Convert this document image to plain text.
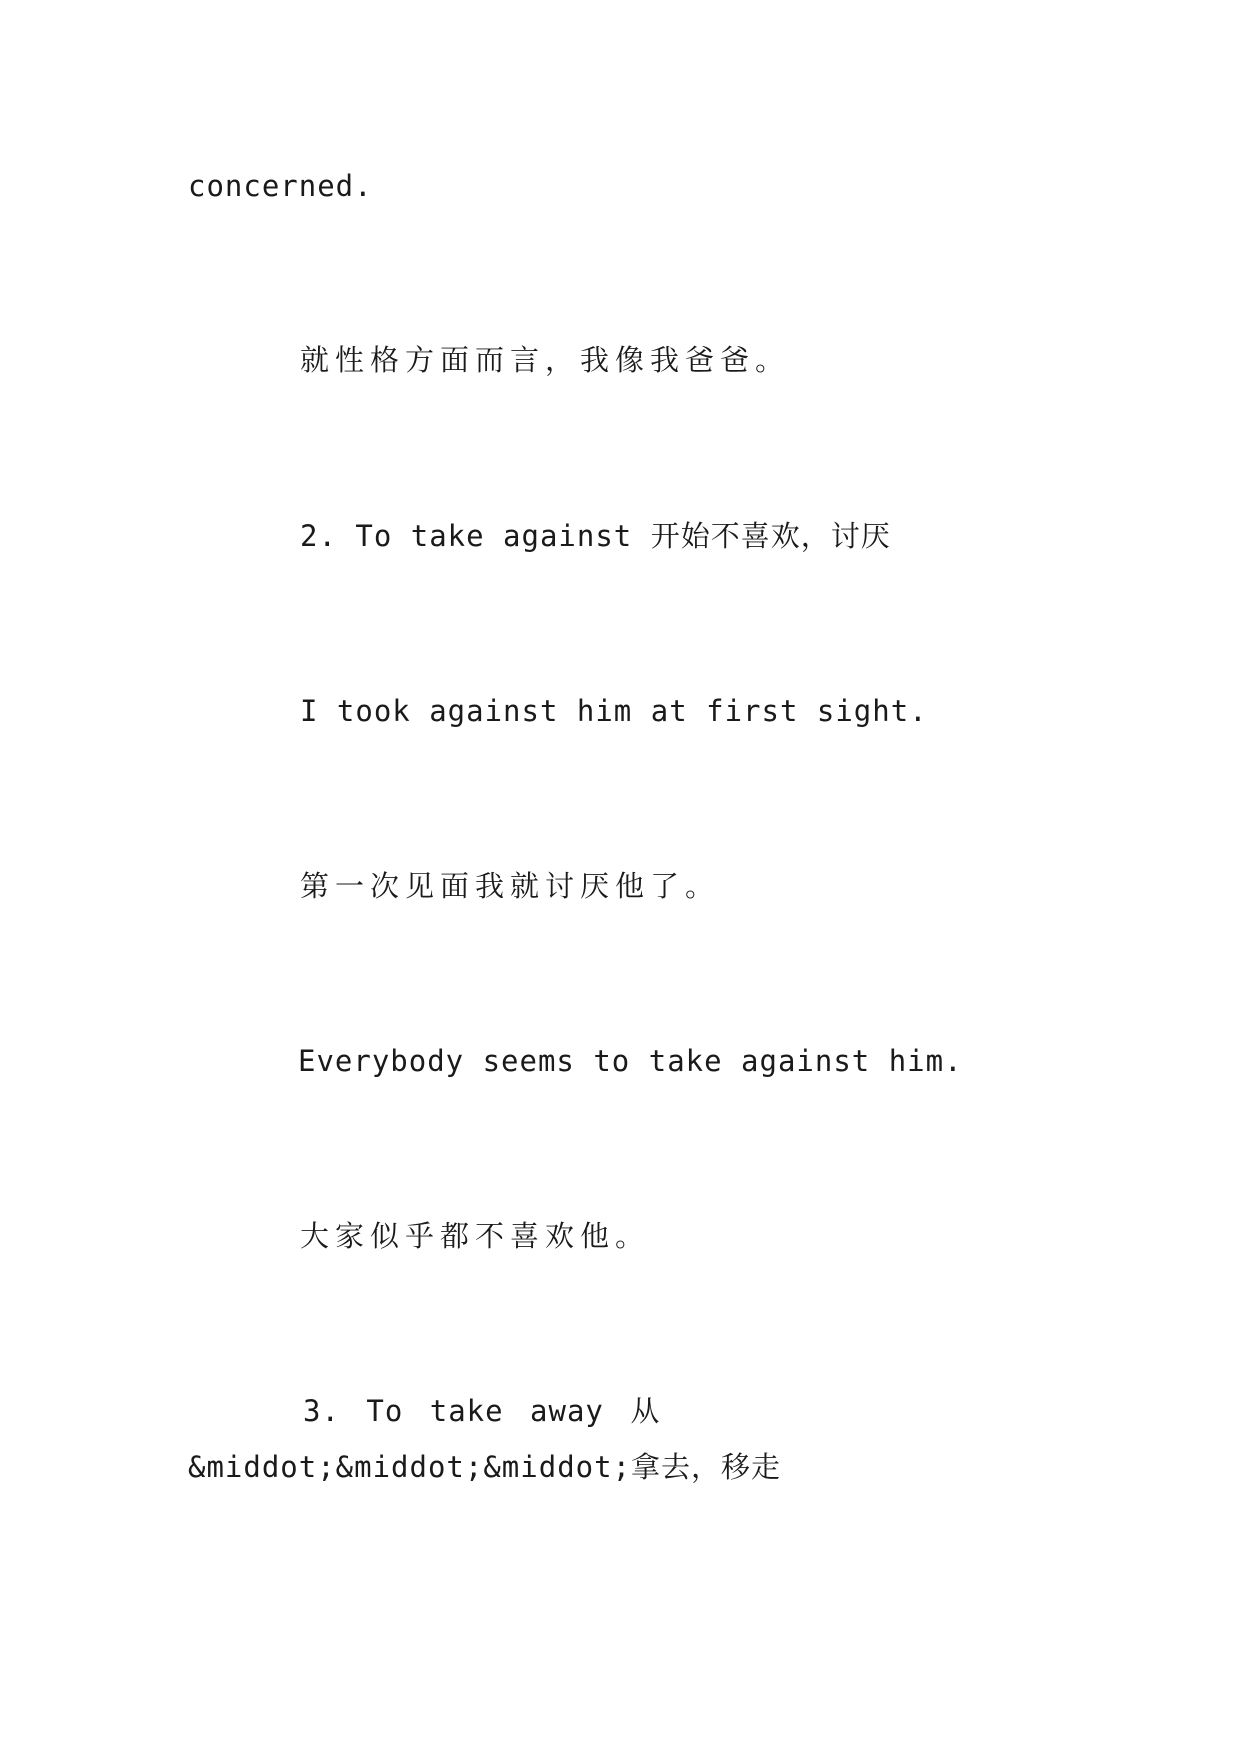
concerned.

就性格方面而言，我像我爸爸。

2. To take against 开始不喜欢，讨厌

I took against him at first sight.

第一次见面我就讨厌他了。

Everybody seems to take against him.

大家似乎都不喜欢他。

3. To take away 从&middot;&middot;&middot;拿去，移走
